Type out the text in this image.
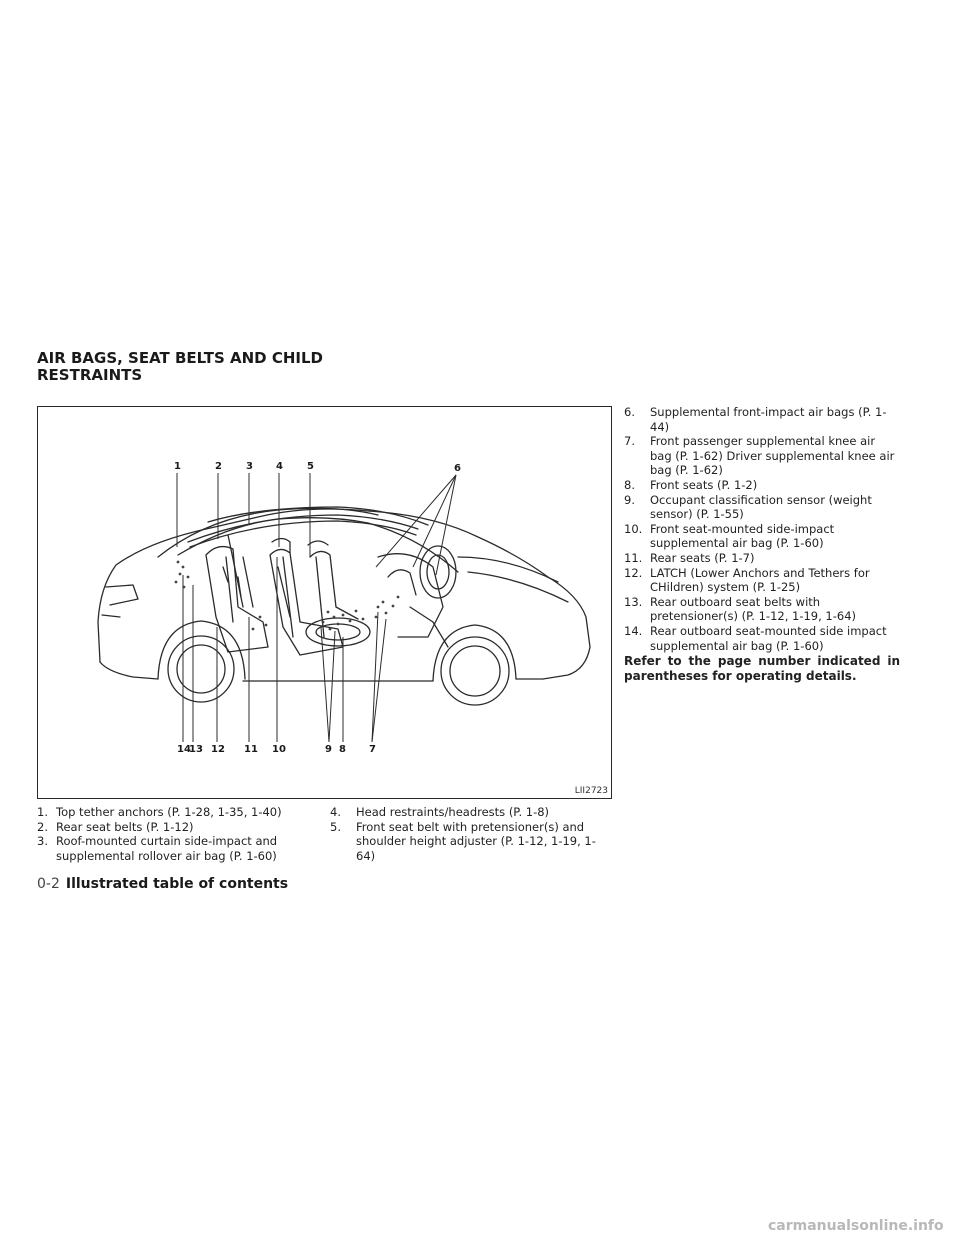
AIR BAGS, SEAT BELTS AND CHILD
RESTRAINTS
1	2 3 4 5	6
14
13 12 11 10	9 8 7
LII2723
1. Top tether anchors (P. 1-28, 1-35, 1-40)
2. Rear seat belts (P. 1-12)
3. Roof-mounted curtain side-impact and supplemental rollover air bag (P. 1-60)
4.	Head restraints/headrests (P. 1-8)
5.	Front seat belt with pretensioner(s) and shoulder height adjuster (P. 1-12, 1-19, 1-64)
6.	Supplemental front-impact air bags (P. 1-44)
7.	Front passenger supplemental knee air bag (P. 1-62) Driver supplemental knee air bag (P. 1-62)
8.	Front seats (P. 1-2)
9.	Occupant classification sensor (weight sensor) (P. 1-55)
10. Front seat-mounted side-impact supplemental air bag (P. 1-60)
11. Rear seats (P. 1-7)
12. LATCH (Lower Anchors and Tethers for CHildren) system (P. 1-25)
13. Rear outboard seat belts with pretensioner(s) (P. 1-12, 1-19, 1-64)
14. Rear outboard seat-mounted side impact supplemental air bag (P. 1-60)
Refer to the page number indicated in parentheses for operating details.
0-2 Illustrated table of contents
carmanualsonline.info
